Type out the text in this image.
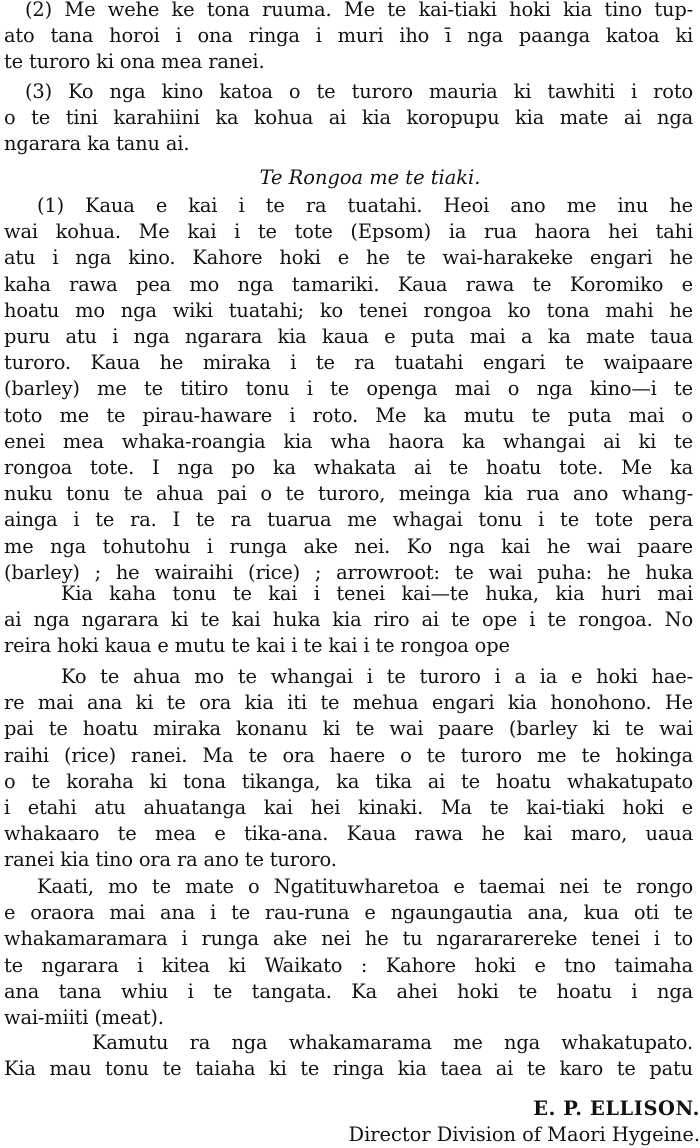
(2) Me wehe ke tona ruuma. Me te kai-tiaki hoki kia tino tup-
ato tana horoi i ona ringa i muri iho ī nga paanga katoa ki
te turoro ki ona mea ranei.
(3) Ko nga kino katoa o te turoro mauria ki tawhiti i roto
o te tini karahiini ka kohua ai kia koropupu kia mate ai nga
ngarara ka tanu ai.
Te Rongoa me te tiaki.
(1) Kaua e kai i te ra tuatahi. Heoi ano me inu he
wai kohua. Me kai i te tote (Epsom) ia rua haora hei tahi
atu i nga kino. Kahore hoki e he te wai-harakeke engari he
kaha rawa pea mo nga tamariki. Kaua rawa te Koromiko e
hoatu mo nga wiki tuatahi; ko tenei rongoa ko tona mahi he
puru atu i nga ngarara kia kaua e puta mai a ka mate taua
turoro. Kaua he miraka i te ra tuatahi engari te waipaare
(barley) me te titiro tonu i te openga mai o nga kino—i te
toto me te pirau-haware i roto. Me ka mutu te puta mai o
enei mea whaka-roangia kia wha haora ka whangai ai ki te
rongoa tote. I nga po ka whakata ai te hoatu tote. Me ka
nuku tonu te ahua pai o te turoro, meinga kia rua ano whang-
ainga i te ra. I te ra tuarua me whagai tonu i te tote pera
me nga tohutohu i runga ake nei. Ko nga kai he wai paare
(barley) ; he wairaihi (rice) ; arrowroot: te wai puha: he huka
Kia kaha tonu te kai i tenei kai—te huka, kia huri mai
ai nga ngarara ki te kai huka kia riro ai te ope i te rongoa. No
reira hoki kaua e mutu te kai i te kai i te rongoa ope
Ko te ahua mo te whangai i te turoro i a ia e hoki hae-
re mai ana ki te ora kia iti te mehua engari kia honohono. He
pai te hoatu miraka konanu ki te wai paare (barley ki te wai
raihi (rice) ranei. Ma te ora haere o te turoro me te hokinga
o te koraha ki tona tikanga, ka tika ai te hoatu whakatupato
i etahi atu ahuatanga kai hei kinaki. Ma te kai-tiaki hoki e
whakaaro te mea e tika-ana. Kaua rawa he kai maro, uaua
ranei kia tino ora ra ano te turoro.
Kaati, mo te mate o Ngatituwharetoa e taemai nei te rongo
e oraora mai ana i te rau-runa e ngaungautia ana, kua oti te
whakamaramara i runga ake nei he tu ngarararereke tenei i to
te ngarara i kitea ki Waikato : Kahore hoki e tno taimaha
ana tana whiu i te tangata. Ka ahei hoki te hoatu i nga
wai-miiti (meat).
Kamutu ra nga whakamarama me nga whakatupato.
Kia mau tonu te taiaha ki te ringa kia taea ai te karo te patu
E. P. ELLISON.
Director Division of Maori Hygeine.
